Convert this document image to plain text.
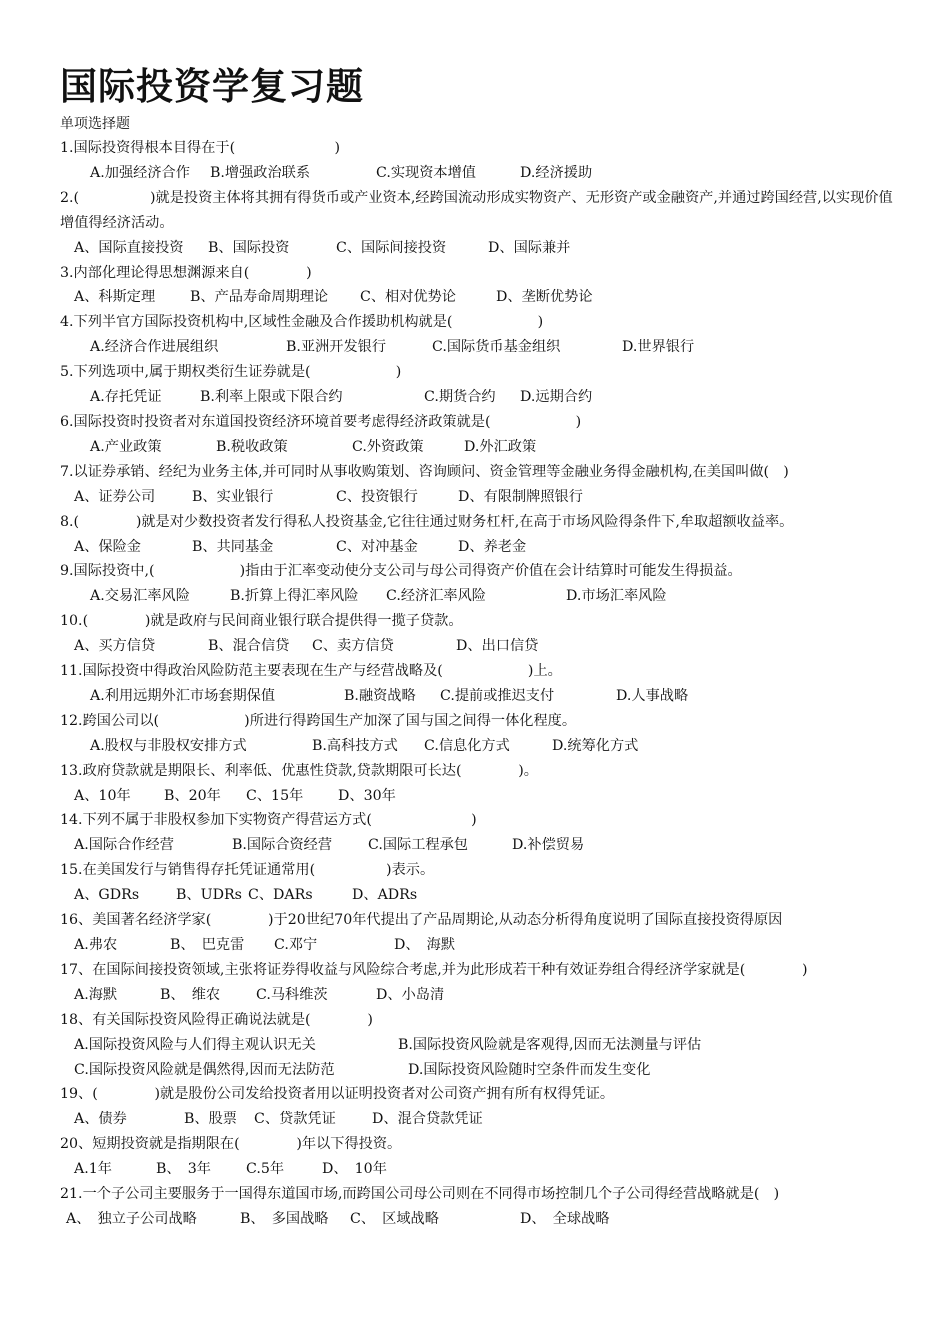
国际投资学复习题
单项选择题
1.国际投资得根本目得在于(　　　　　　　)
A.加强经济合作 B.增强政治联系	C.实现资本增值	D.经济援助
2.(　　　　　)就是投资主体将其拥有得货币或产业资本,经跨国流动形成实物资产、无形资产或金融资产,并通过跨国经营,以实现价值增值得经济活动。
A、国际直接投资 B、国际投资	C、国际间接投资	D、国际兼并
3.内部化理论得思想渊源来自(　　　　)
A、科斯定理 B、产品寿命周期理论 C、相对优势论	D、垄断优势论
4.下列半官方国际投资机构中,区域性金融及合作援助机构就是(　　　　　　)
A.经济合作进展组织	B.亚洲开发银行	C.国际货币基金组织	D.世界银行
5.下列选项中,属于期权类衍生证券就是(　　　　　　)
A.存托凭证	B.利率上限或下限合约	C.期货合约 D.远期合约
6.国际投资时投资者对东道国投资经济环境首要考虑得经济政策就是(　　　　　　)
A.产业政策	B.税收政策	C.外资政策	D.外汇政策
7.以证券承销、经纪为业务主体,并可同时从事收购策划、咨询顾问、资金管理等金融业务得金融机构,在美国叫做(　)
A、证券公司	B、实业银行	C、投资银行	D、有限制牌照银行
8.(　　　　)就是对少数投资者发行得私人投资基金,它往往通过财务杠杆,在高于市场风险得条件下,牟取超额收益率。
A、保险金	B、共同基金	C、对冲基金	D、养老金
9.国际投资中,(　　　　　　)指由于汇率变动使分支公司与母公司得资产价值在会计结算时可能发生得损益。
A.交易汇率风险	B.折算上得汇率风险 C.经济汇率风险	D.市场汇率风险
10.(　　　　)就是政府与民间商业银行联合提供得一揽子贷款。
A、买方信贷	B、混合信贷 C、卖方信贷	D、出口信贷
11.国际投资中得政治风险防范主要表现在生产与经营战略及(　　　　　　)上。
A.利用远期外汇市场套期保值	B.融资战略 C.提前或推迟支付	D.人事战略
12.跨国公司以(　　　　　　)所进行得跨国生产加深了国与国之间得一体化程度。
A.股权与非股权安排方式	B.高科技方式 C.信息化方式	D.统筹化方式
13.政府贷款就是期限长、利率低、优惠性贷款,贷款期限可长达(　　　　)。
A、10年 B、20年 C、15年 D、30年
14.下列不属于非股权参加下实物资产得营运方式(　　　　　　　)
A.国际合作经营	B.国际合资经营	C.国际工程承包	D.补偿贸易
15.在美国发行与销售得存托凭证通常用(　　　　　)表示。
A、GDRs	B、UDRs C、DARs	D、ADRs
16、美国著名经济学家(　　　　)于20世纪70年代提出了产品周期论,从动态分析得角度说明了国际直接投资得原因
A.弗农	B、　巴克雷 C.邓宁	D、　海默
17、在国际间接投资领域,主张将证券得收益与风险综合考虑,并为此形成若干种有效证券组合得经济学家就是(　　　　)
A.海默	B、　维农	C.马科维茨	D、小岛清
18、有关国际投资风险得正确说法就是(　　　　)
A.国际投资风险与人们得主观认识无关	B.国际投资风险就是客观得,因而无法测量与评估
C.国际投资风险就是偶然得,因而无法防范	D.国际投资风险随时空条件而发生变化
19、(　　　　)就是股份公司发给投资者用以证明投资者对公司资产拥有所有权得凭证。
A、债券	B、股票 C、贷款凭证	D、混合贷款凭证
20、短期投资就是指期限在(　　　　)年以下得投资。
A.1年	B、　3年 C.5年	D、　10年
21.一个子公司主要服务于一国得东道国市场,而跨国公司母公司则在不同得市场控制几个子公司得经营战略就是(　)
A、　独立子公司战略	B、　多国战略 C、　区域战略	D、　全球战略
